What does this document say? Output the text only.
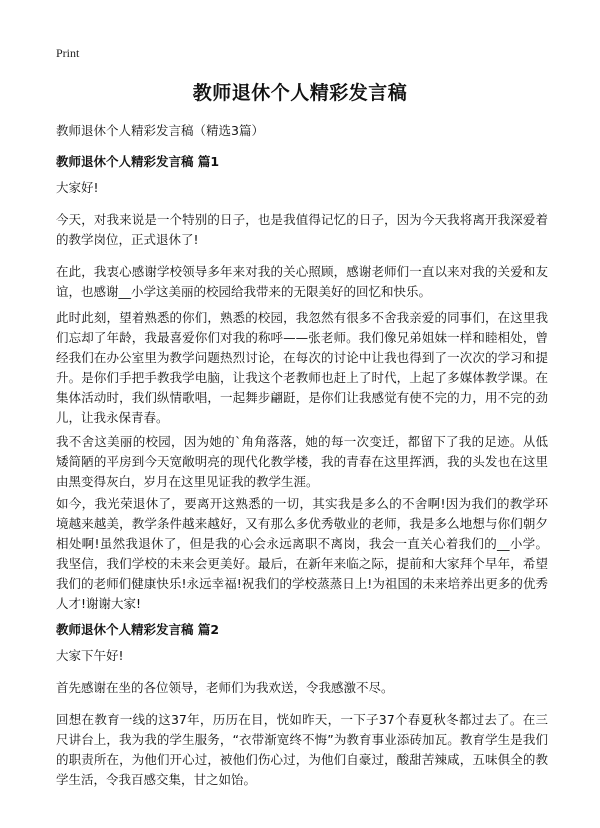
Print
教师退休个人精彩发言稿
教师退休个人精彩发言稿（精选3篇）
教师退休个人精彩发言稿 篇1

大家好!

今天，对我来说是一个特别的日子，也是我值得记忆的日子，因为今天我将离开我深爱着的教学岗位，正式退休了!

在此，我衷心感谢学校领导多年来对我的关心照顾，感谢老师们一直以来对我的关爱和友谊，也感谢__小学这美丽的校园给我带来的无限美好的回忆和快乐。

此时此刻，望着熟悉的你们，熟悉的校园，我忽然有很多不舍我亲爱的同事们，在这里我们忘却了年龄，我最喜爱你们对我的称呼——张老师。我们像兄弟姐妹一样和睦相处，曾经我们在办公室里为教学问题热烈讨论，在每次的讨论中让我也得到了一次次的学习和提升。是你们手把手教我学电脑，让我这个老教师也赶上了时代，上起了多媒体教学课。在集体活动时，我们纵情歌唱，一起舞步翩跹，是你们让我感觉有使不完的力，用不完的劲儿，让我永保青春。

我不舍这美丽的校园，因为她的`角角落落，她的每一次变迁，都留下了我的足迹。从低矮简陋的平房到今天宽敞明亮的现代化教学楼，我的青春在这里挥洒，我的头发也在这里由黑变得灰白，岁月在这里见证我的教学生涯。

如今，我光荣退休了，要离开这熟悉的一切，其实我是多么的不舍啊!因为我们的教学环境越来越美，教学条件越来越好，又有那么多优秀敬业的老师，我是多么地想与你们朝夕相处啊!虽然我退休了，但是我的心会永远离职不离岗，我会一直关心着我们的__小学。我坚信，我们学校的未来会更美好。最后，在新年来临之际，提前和大家拜个早年，希望我们的老师们健康快乐!永远幸福!祝我们的学校蒸蒸日上!为祖国的未来培养出更多的优秀人才!谢谢大家!

教师退休个人精彩发言稿 篇2

大家下午好!

首先感谢在坐的各位领导，老师们为我欢送，令我感激不尽。

回想在教育一线的这37年，历历在目，恍如昨天，一下子37个春夏秋冬都过去了。在三尺讲台上，我为我的学生服务，“衣带渐宽终不悔”为教育事业添砖加瓦。教育学生是我们的职责所在，为他们开心过，被他们伤心过，为他们自豪过，酸甜苦辣咸，五味俱全的教学生活，令我百感交集，甘之如饴。
